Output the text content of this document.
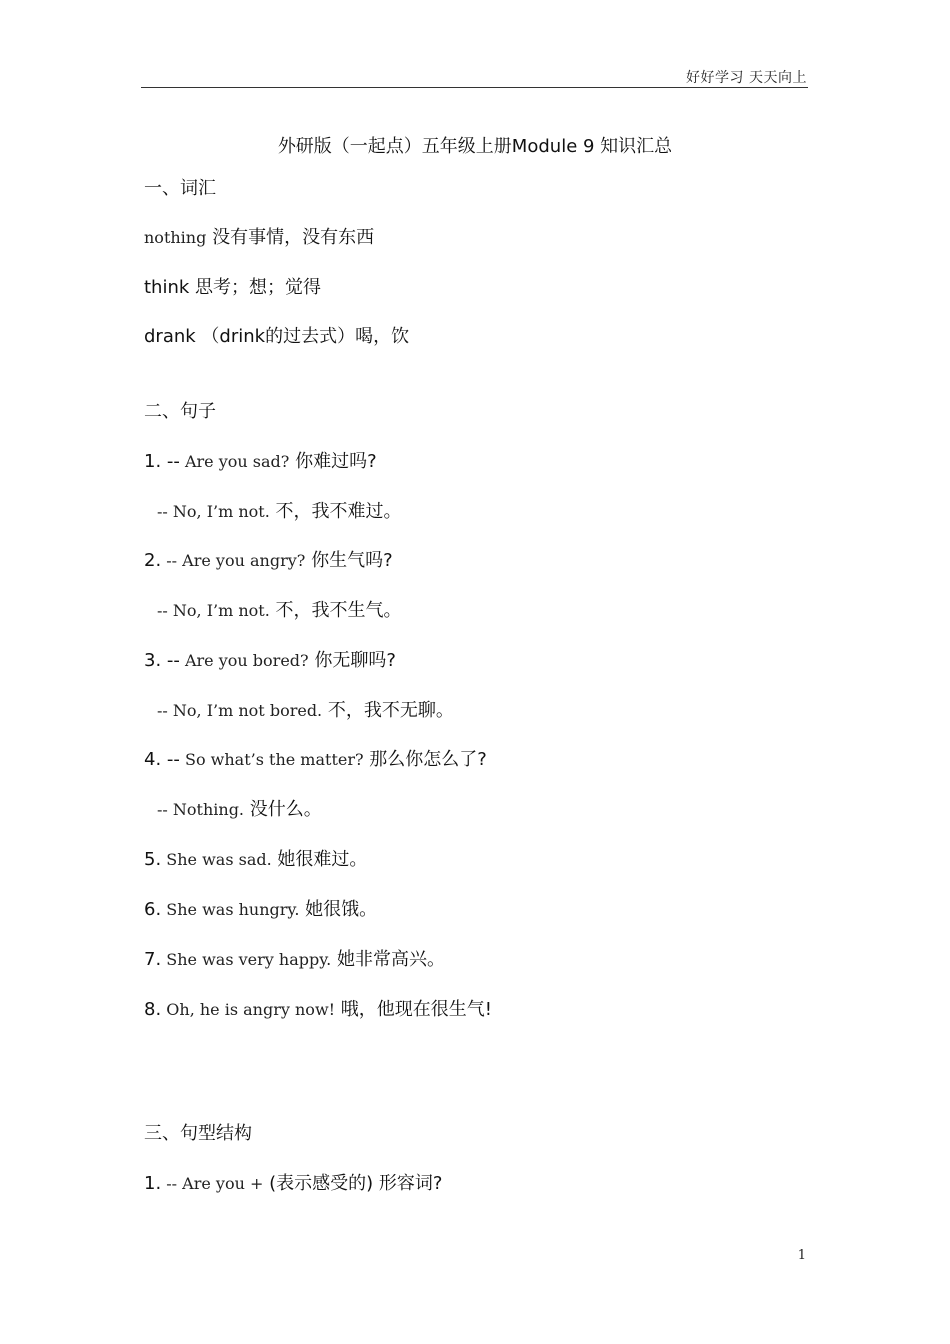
好好学习 天天向上
外研版（一起点）五年级上册Module 9 知识汇总
一、词汇
nothing 没有事情，没有东西
think 思考；想；觉得
drank （drink的过去式）喝，饮
二、句子
1. -- Are you sad? 你难过吗?
-- No, I’m not. 不，我不难过。
2. -- Are you angry? 你生气吗?
-- No, I’m not. 不，我不生气。
3. -- Are you bored? 你无聊吗?
-- No, I’m not bored. 不，我不无聊。
4. -- So what’s the matter? 那么你怎么了?
-- Nothing. 没什么。
5. She was sad. 她很难过。
6. She was hungry. 她很饿。
7. She was very happy. 她非常高兴。
8. Oh, he is angry now! 哦，他现在很生气!
三、句型结构
1. -- Are you + (表示感受的) 形容词?
1
